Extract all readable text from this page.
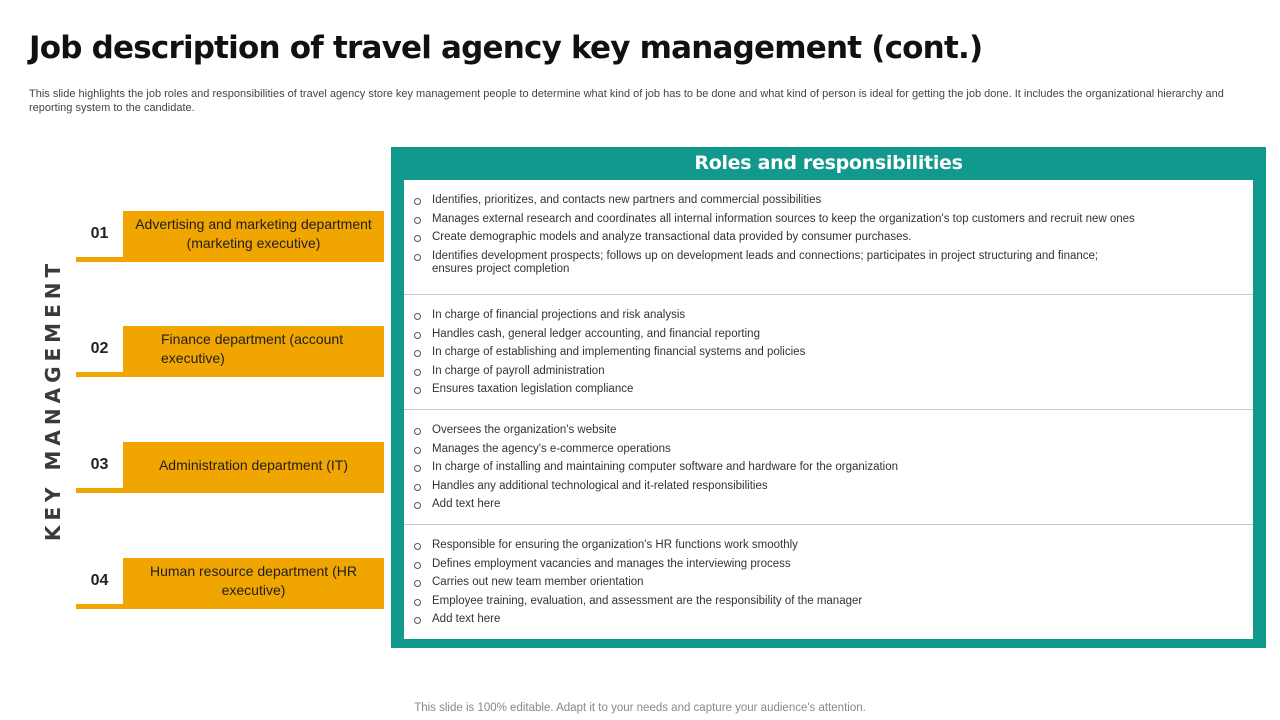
Job description of travel agency key management (cont.)
This slide highlights the job roles and responsibilities of travel agency store key management people to determine what kind of job has to be done and what kind of person is ideal for getting the job done. It includes the organizational hierarchy and reporting system to the candidate.
KEY MANAGEMENT
01
Advertising and marketing department (marketing executive)
02
Finance department (account executive)
03	Administration department (IT)
04
Human resource department (HR executive)
Roles and responsibilities
Identifies, prioritizes, and contacts new partners and commercial possibilities
Manages external research and coordinates all internal information sources to keep the organization's top customers and recruit new ones
Create demographic models and analyze transactional data provided by consumer purchases.
Identifies development prospects; follows up on development leads and connections; participates in project structuring and finance; ensures project completion
In charge of financial projections and risk analysis
Handles cash, general ledger accounting, and financial reporting
In charge of establishing and implementing financial systems and policies
In charge of payroll administration
Ensures taxation legislation compliance
Oversees the organization's website
Manages the agency's e-commerce operations
In charge of installing and maintaining computer software and hardware for the organization
Handles any additional technological and it-related responsibilities
Add text here
Responsible for ensuring the organization's HR functions work smoothly
Defines employment vacancies and manages the interviewing process
Carries out new team member orientation
Employee training, evaluation, and assessment are the responsibility of the manager
Add text here
This slide is 100% editable. Adapt it to your needs and capture your audience's attention.
